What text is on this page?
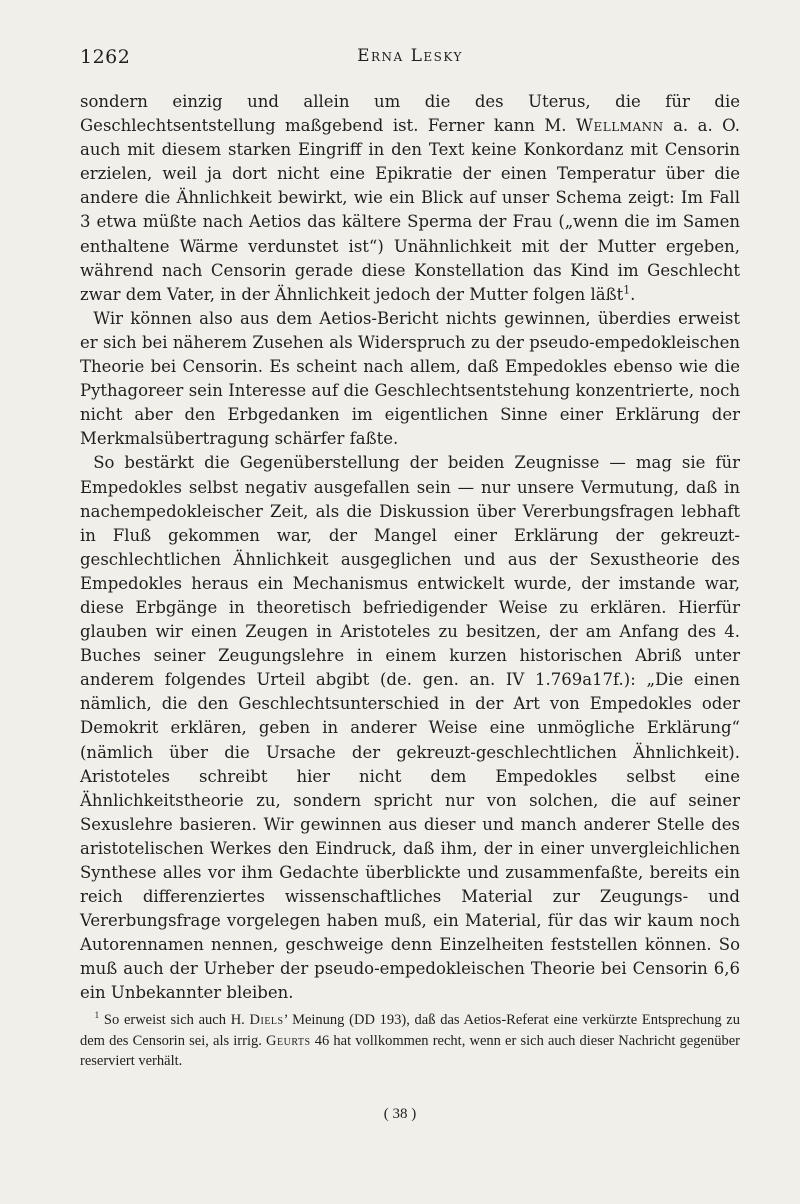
1262	Erna Lesky

sondern einzig und allein um die des Uterus, die für die Geschlechtsentstellung maßgebend ist. Ferner kann M. Wellmann a. a. O. auch mit diesem starken Eingriff in den Text keine Konkordanz mit Censorin erzielen, weil ja dort nicht eine Epikratie der einen Temperatur über die andere die Ähnlichkeit bewirkt, wie ein Blick auf unser Schema zeigt: Im Fall 3 etwa müßte nach Aetios das kältere Sperma der Frau („wenn die im Samen enthaltene Wärme verdunstet ist“) Unähnlichkeit mit der Mutter ergeben, während nach Censorin gerade diese Konstellation das Kind im Geschlecht zwar dem Vater, in der Ähnlichkeit jedoch der Mutter folgen läßt$^1$.

Wir können also aus dem Aetios-Bericht nichts gewinnen, überdies erweist er sich bei näherem Zusehen als Widerspruch zu der pseudo-empedokleischen Theorie bei Censorin. Es scheint nach allem, daß Empedokles ebenso wie die Pythagoreer sein Interesse auf die Geschlechtsentstehung konzentrierte, noch nicht aber den Erbgedanken im eigentlichen Sinne einer Erklärung der Merkmalsübertragung schärfer faßte.

So bestärkt die Gegenüberstellung der beiden Zeugnisse — mag sie für Empedokles selbst negativ ausgefallen sein — nur unsere Vermutung, daß in nachempedokleischer Zeit, als die Diskussion über Vererbungsfragen lebhaft in Fluß gekommen war, der Mangel einer Erklärung der gekreuzt-geschlechtlichen Ähnlichkeit ausgeglichen und aus der Sexustheorie des Empedokles heraus ein Mechanismus entwickelt wurde, der imstande war, diese Erbgänge in theoretisch befriedigender Weise zu erklären. Hierfür glauben wir einen Zeugen in Aristoteles zu besitzen, der am Anfang des 4. Buches seiner Zeugungslehre in einem kurzen historischen Abriß unter anderem folgendes Urteil abgibt (de. gen. an. IV 1.769a17f.): „Die einen nämlich, die den Geschlechtsunterschied in der Art von Empedokles oder Demokrit erklären, geben in anderer Weise eine unmögliche Erklärung“ (nämlich über die Ursache der gekreuzt-geschlechtlichen Ähnlichkeit). Aristoteles schreibt hier nicht dem Empedokles selbst eine Ähnlichkeitstheorie zu, sondern spricht nur von solchen, die auf seiner Sexuslehre basieren. Wir gewinnen aus dieser und manch anderer Stelle des aristotelischen Werkes den Eindruck, daß ihm, der in einer unvergleichlichen Synthese alles vor ihm Gedachte überblickte und zusammenfaßte, bereits ein reich differenziertes wissenschaftliches Material zur Zeugungs- und Vererbungsfrage vorgelegen haben muß, ein Material, für das wir kaum noch Autorennamen nennen, geschweige denn Einzelheiten feststellen können. So muß auch der Urheber der pseudo-empedokleischen Theorie bei Censorin 6,6 ein Unbekannter bleiben.

$^1$ So erweist sich auch H. Diels’ Meinung (DD 193), daß das Aetios-Referat eine verkürzte Entsprechung zu dem des Censorin sei, als irrig. Geurts 46 hat vollkommen recht, wenn er sich auch dieser Nachricht gegenüber reserviert verhält.

( 38 )
